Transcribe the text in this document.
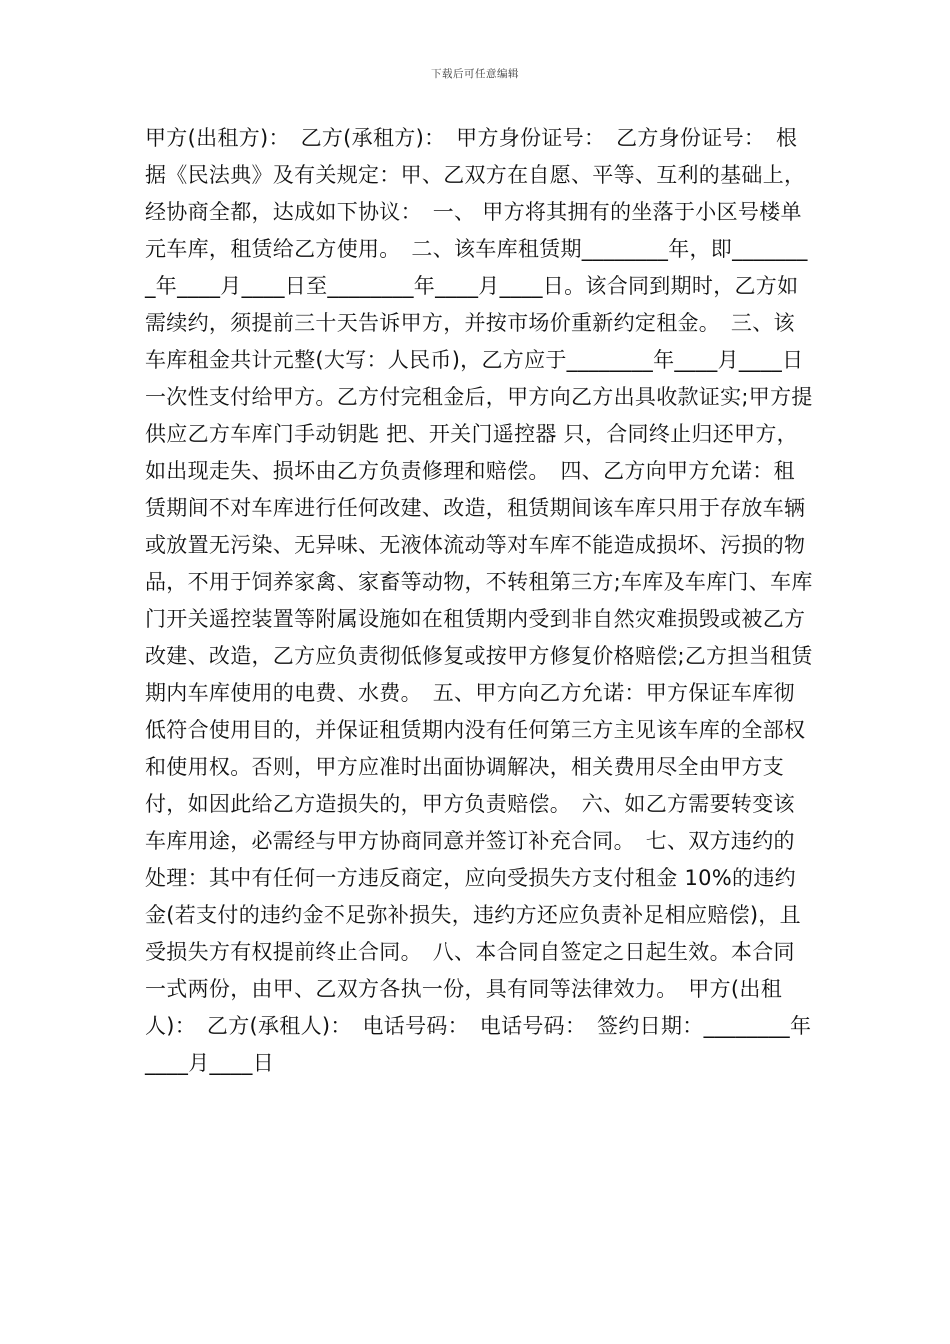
下载后可任意编辑

甲方(出租方)：　乙方(承租方)：　甲方身份证号：　乙方身份证号：　根据《民法典》及有关规定：甲、乙双方在自愿、平等、互利的基础上，经协商全都，达成如下协议：　一、 甲方将其拥有的坐落于小区号楼单元车库，租赁给乙方使用。　二、该车库租赁期________年，即________年____月____日至________年____月____日。该合同到期时，乙方如需续约，须提前三十天告诉甲方，并按市场价重新约定租金。　三、该车库租金共计元整(大写：人民币)，乙方应于________年____月____日一次性支付给甲方。乙方付完租金后，甲方向乙方出具收款证实;甲方提供应乙方车库门手动钥匙 把、开关门遥控器 只，合同终止归还甲方，如出现走失、损坏由乙方负责修理和赔偿。　四、乙方向甲方允诺：租赁期间不对车库进行任何改建、改造，租赁期间该车库只用于存放车辆或放置无污染、无异味、无液体流动等对车库不能造成损坏、污损的物品，不用于饲养家禽、家畜等动物，不转租第三方;车库及车库门、车库门开关遥控装置等附属设施如在租赁期内受到非自然灾难损毁或被乙方改建、改造，乙方应负责彻低修复或按甲方修复价格赔偿;乙方担当租赁期内车库使用的电费、水费。　五、甲方向乙方允诺：甲方保证车库彻低符合使用目的，并保证租赁期内没有任何第三方主见该车库的全部权和使用权。否则，甲方应准时出面协调解决，相关费用尽全由甲方支付，如因此给乙方造损失的，甲方负责赔偿。　六、如乙方需要转变该车库用途，必需经与甲方协商同意并签订补充合同。　七、双方违约的处理：其中有任何一方违反商定，应向受损失方支付租金 10%的违约金(若支付的违约金不足弥补损失，违约方还应负责补足相应赔偿)，且受损失方有权提前终止合同。　八、本合同自签定之日起生效。本合同一式两份，由甲、乙双方各执一份，具有同等法律效力。　甲方(出租人)：　乙方(承租人)：　电话号码：　电话号码：　签约日期：________年____月____日
